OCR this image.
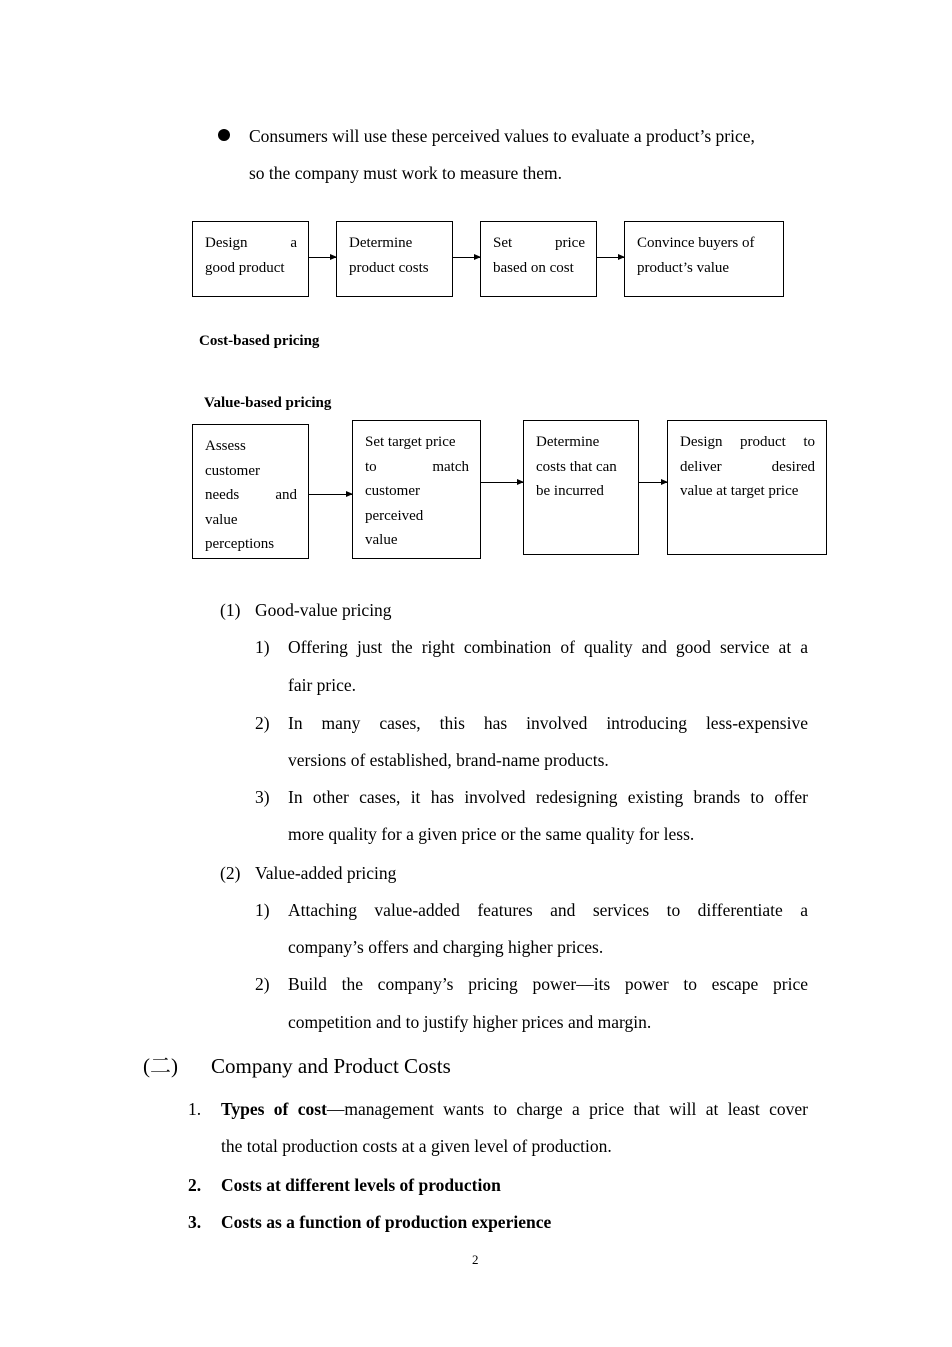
Consumers will use these perceived values to evaluate a product’s price,
so the company must work to measure them.
Design a
good product
Determine
product costs
Set price
based on cost
Convince buyers of
product’s value
Cost-based pricing
Value-based pricing
Assess
customer
needs and
value
perceptions
Set target price
to match
customer
perceived
value
Determine
costs that can
be incurred
Design product to
deliver desired
value at target price
(1) Good-value pricing
1) Offering just the right combination of quality and good service at a
fair price.
2) In many cases, this has involved introducing less-expensive
versions of established, brand-name products.
3) In other cases, it has involved redesigning existing brands to offer
more quality for a given price or the same quality for less.
(2) Value-added pricing
1) Attaching value-added features and services to differentiate a
company’s offers and charging higher prices.
2) Build the company’s pricing power—its power to escape price
competition and to justify higher prices and margin.
(二) Company and Product Costs
1. Types of cost—management wants to charge a price that will at least cover
the total production costs at a given level of production.
2. Costs at different levels of production
3. Costs as a function of production experience
2
